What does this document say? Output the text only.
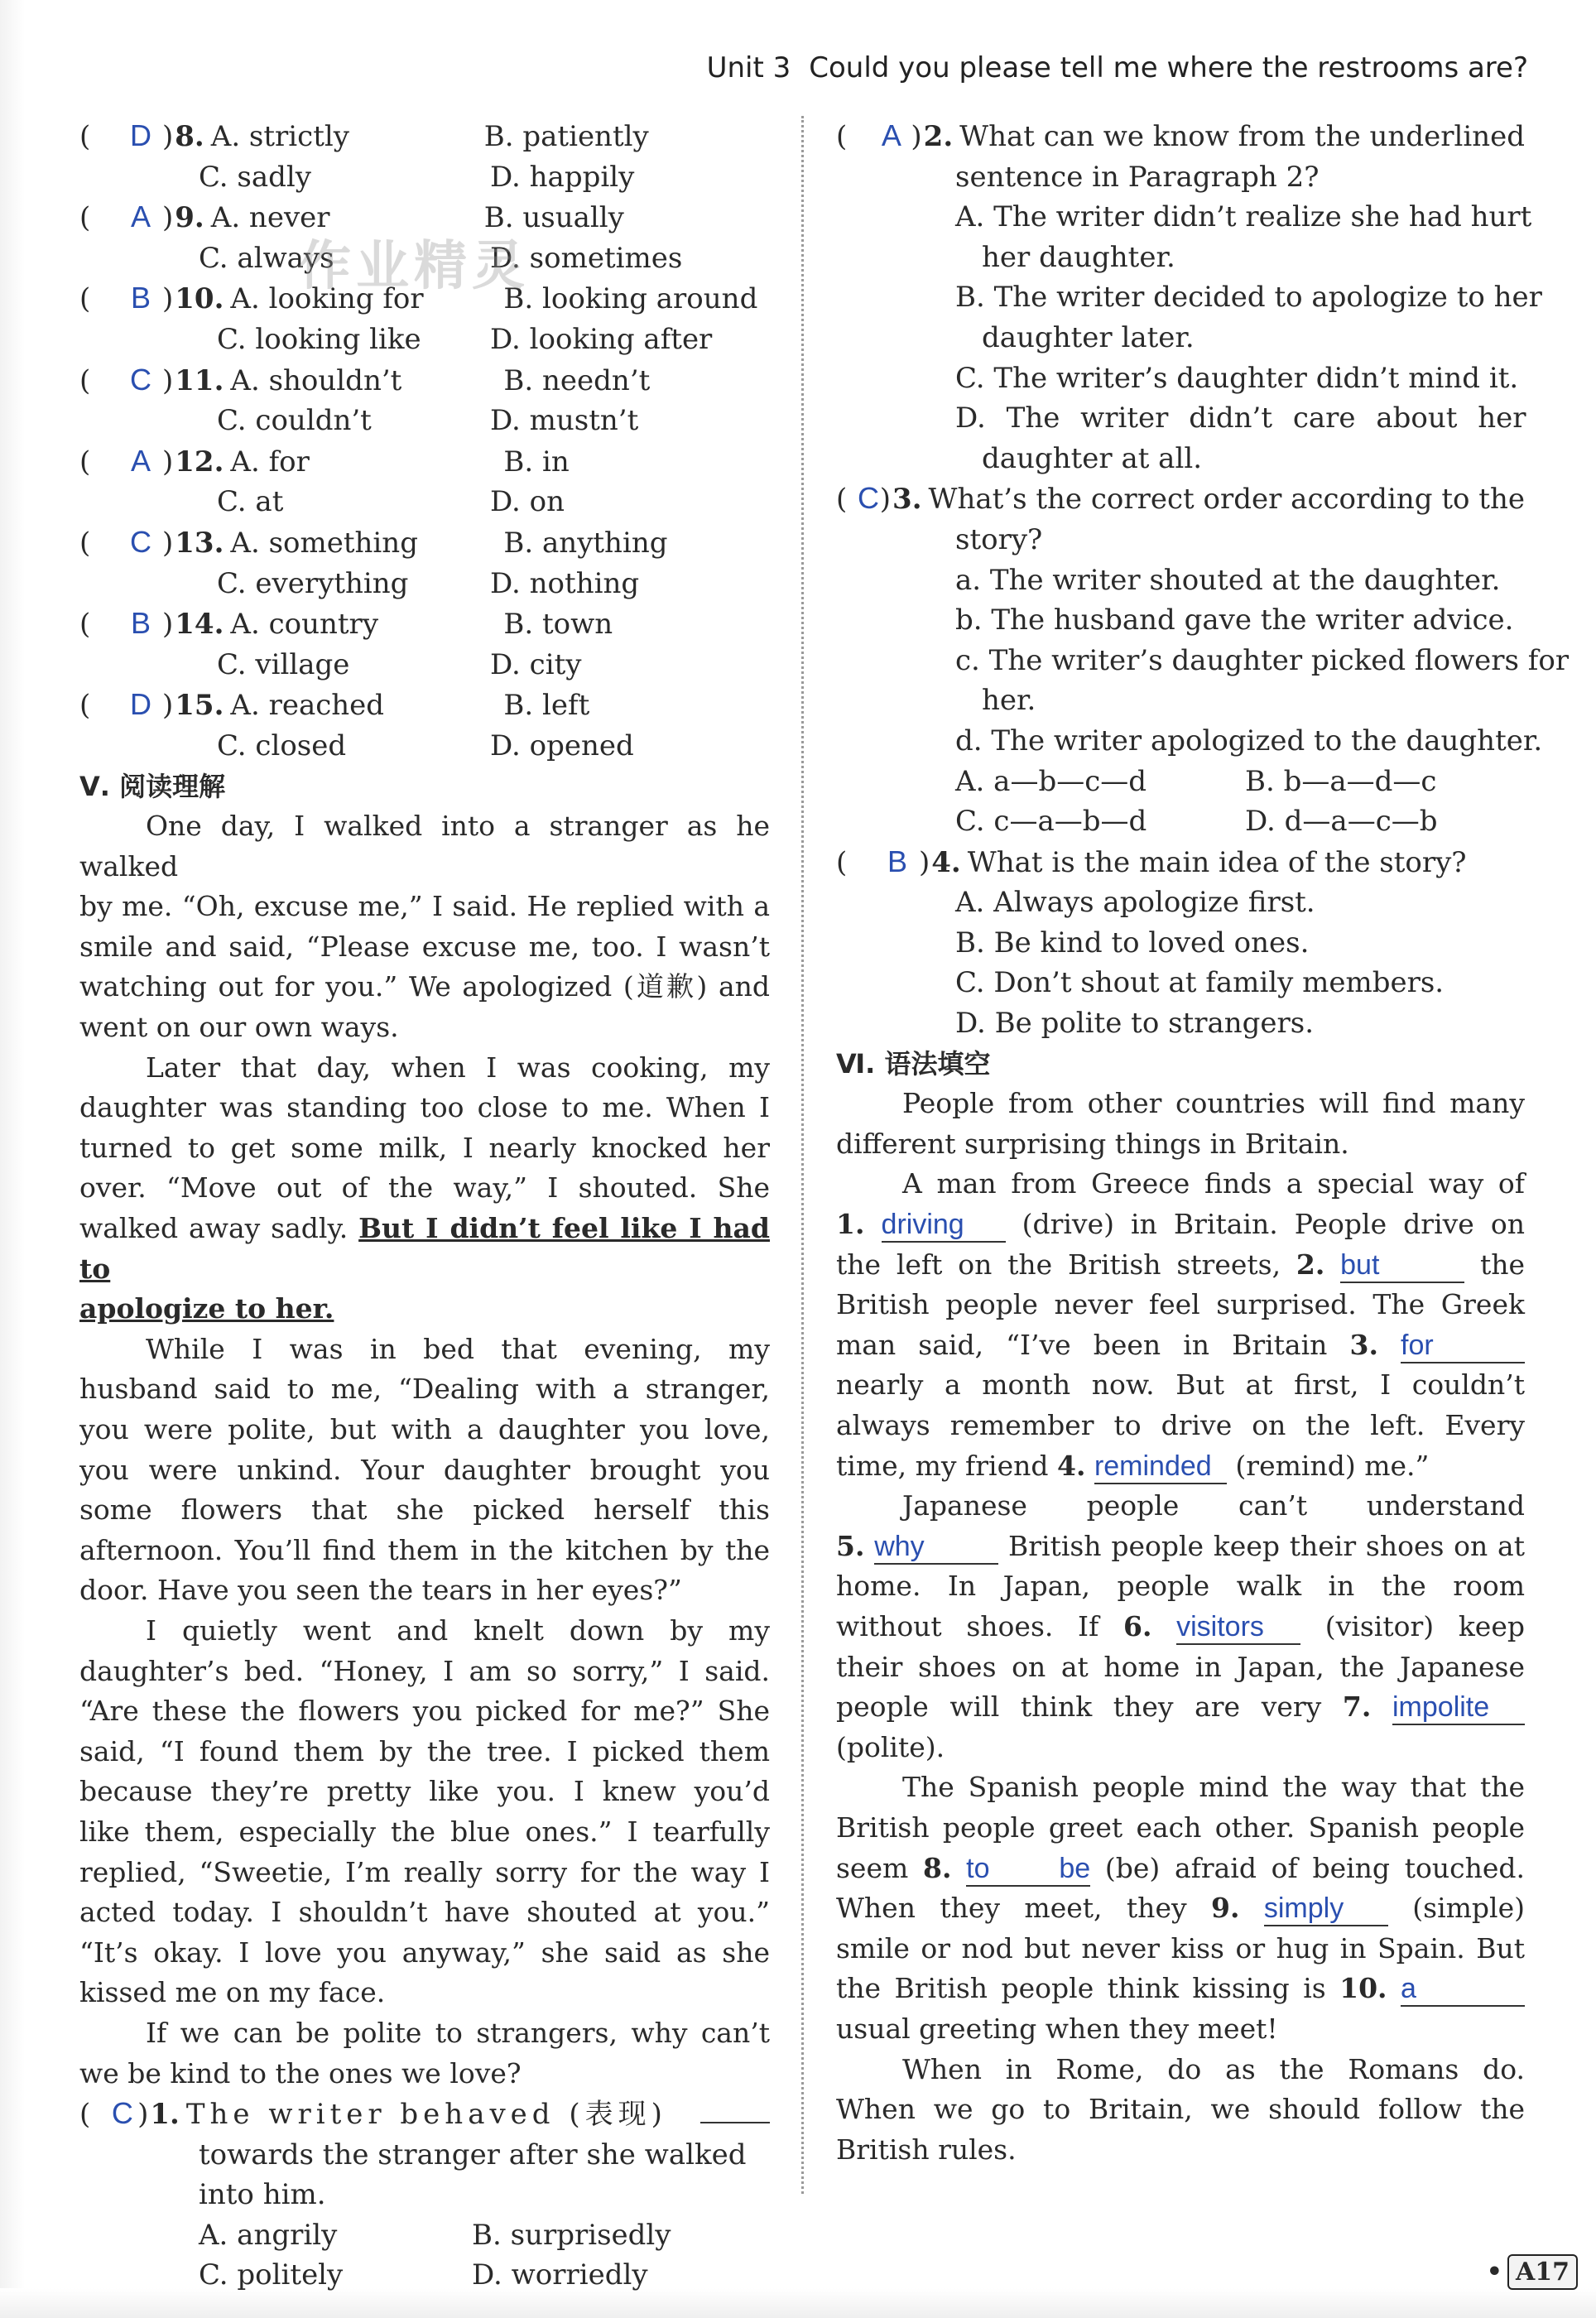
Unit 3 Could you please tell me where the restrooms are?
(	D ) 8. A. strictly	B. patiently
C. sadly	D. happily
(	A ) 9. A. never	B. usually
C. always	D. sometimes
(	B ) 10. A. looking for	B. looking around
C. looking like D. looking after
(	C ) 11. A. shouldn’t	B. needn’t
C. couldn’t	D. mustn’t
(	A ) 12. A. for	B. in
C. at	D. on
(	C ) 13. A. something	B. anything
C. everything	D. nothing
(	B ) 14. A. country	B. town
C. village	D. city
(	D ) 15. A. reached	B. left
C. closed	D. opened
Ⅴ. 阅读理解
One day, I walked into a stranger as he walked
by me. “Oh, excuse me,” I said. He replied with a
smile and said, “Please excuse me, too. I wasn’t
watching out for you.” We apologized (道歉) and
went on our own ways.
Later that day, when I was cooking, my
daughter was standing too close to me. When I
turned to get some milk, I nearly knocked her
over. “Move out of the way,” I shouted. She
walked away sadly. But I didn’t feel like I had to
apologize to her.
While I was in bed that evening, my
husband said to me, “Dealing with a stranger,
you were polite, but with a daughter you love,
you were unkind. Your daughter brought you
some flowers that she picked herself this
afternoon. You’ll find them in the kitchen by the
door. Have you seen the tears in her eyes?”
I quietly went and knelt down by my
daughter’s bed. “Honey, I am so sorry,” I said.
“Are these the flowers you picked for me?” She
said, “I found them by the tree. I picked them
because they’re pretty like you. I knew you’d
like them, especially the blue ones.” I tearfully
replied, “Sweetie, I’m really sorry for the way I
acted today. I shouldn’t have shouted at you.”
“It’s okay. I love you anyway,” she said as she
kissed me on my face.
If we can be polite to strangers, why can’t
we be kind to the ones we love?
( C ) 1. The writer behaved (表现)
towards the stranger after she walked
into him.
A. angrily	B. surprisedly
C. politely	D. worriedly
(	A ) 2. What can we know from the underlined
sentence in Paragraph 2?
A. The writer didn’t realize she had hurt
her daughter.
B. The writer decided to apologize to her
daughter later.
C. The writer’s daughter didn’t mind it.
D. The writer didn’t care about her
daughter at all.
( C ) 3. What’s the correct order according to the
story?
a. The writer shouted at the daughter.
b. The husband gave the writer advice.
c. The writer’s daughter picked flowers for
her.
d. The writer apologized to the daughter.
A. a—b—c—d	B. b—a—d—c
C. c—a—b—d	D. d—a—c—b
(	B ) 4. What is the main idea of the story?
A. Always apologize first.
B. Be kind to loved ones.
C. Don’t shout at family members.
D. Be polite to strangers.
Ⅵ. 语法填空
People from other countries will find many
different surprising things in Britain.
A man from Greece finds a special way of
1. driving (drive) in Britain. People drive on
the left on the British streets, 2. but	the
British people never feel surprised. The Greek
man said, “I’ve been in Britain 3. for
nearly a month now. But at first, I couldn’t
always remember to drive on the left. Every
time, my friend 4. reminded (remind) me.”
Japanese people can’t understand
5. why	British people keep their shoes on at
home. In Japan, people walk in the room
without shoes. If 6. visitors (visitor) keep
their shoes on at home in Japan, the Japanese
people will think they are very 7. impolite
(polite).
The Spanish people mind the way that the
British people greet each other. Spanish people
seem 8. to be (be) afraid of being touched.
When they meet, they 9. simply (simple)
smile or nod but never kiss or hug in Spain. But
the British people think kissing is 10. a
usual greeting when they meet!
When in Rome, do as the Romans do.
When we go to Britain, we should follow the
British rules.
作业精灵
• A17
